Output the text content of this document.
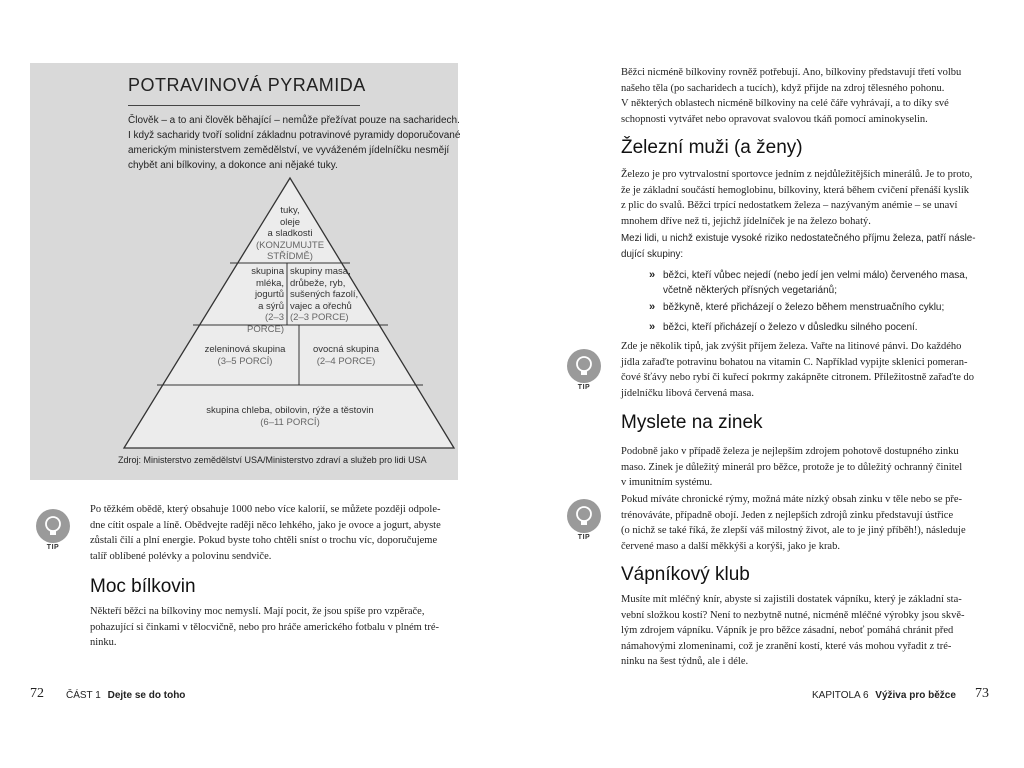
POTRAVINOVÁ PYRAMIDA
Člověk – a to ani člověk běhající – nemůže přežívat pouze na sacharidech.
I když sacharidy tvoří solidní základnu potravinové pyramidy doporučované
americkým ministerstvem zemědělství, ve vyváženém jídelníčku nesmějí
chybět ani bílkoviny, a dokonce ani nějaké tuky.
tuky,
oleje
a sladkosti
(KONZUMUJTE
STŘÍDMĚ)
skupina
mléka,
jogurtů
a sýrů
(2–3 PORCE)
skupiny masa,
drůbeže, ryb,
sušených fazolí,
vajec a ořechů
(2–3 PORCE)
zeleninová skupina
(3–5 PORCÍ)
ovocná skupina
(2–4 PORCE)
skupina chleba, obilovin, rýže a těstovin
(6–11 PORCÍ)
Zdroj: Ministerstvo zemědělství USA/Ministerstvo zdraví a služeb pro lidi USA
TIP
Po těžkém obědě, který obsahuje 1000 nebo více kalorií, se můžete později odpole-
dne cítit ospale a líně. Obědvejte raději něco lehkého, jako je ovoce a jogurt, abyste
zůstali čilí a plní energie. Pokud byste toho chtěli sníst o trochu víc, doporučujeme
talíř oblíbené polévky a polovinu sendviče.
Moc bílkovin
Někteří běžci na bílkoviny moc nemyslí. Mají pocit, že jsou spíše pro vzpěrače,
pohazující si činkami v tělocvičně, nebo pro hráče amerického fotbalu v plném tré-
ninku.
72 ČÁST 1 Dejte se do toho
Běžci nicméně bílkoviny rovněž potřebují. Ano, bílkoviny představují třetí volbu
našeho těla (po sacharidech a tucích), když přijde na zdroj tělesného pohonu.
V některých oblastech nicméně bílkoviny na celé čáře vyhrávají, a to díky své
schopnosti vytvářet nebo opravovat svalovou tkáň pomocí aminokyselin.
Železní muži (a ženy)
Železo je pro vytrvalostní sportovce jedním z nejdůležitějších minerálů. Je to proto,
že je základní součástí hemoglobinu, bílkoviny, která během cvičení přenáší kyslík
z plic do svalů. Běžci trpící nedostatkem železa – nazývaným anémie – se unaví
mnohem dříve než ti, jejichž jídelníček je na železo bohatý.
Mezi lidi, u nichž existuje vysoké riziko nedostatečného příjmu železa, patří násle-
dující skupiny:
» běžci, kteří vůbec nejedí (nebo jedí jen velmi málo) červeného masa,
včetně některých přísných vegetariánů;
» běžkyně, které přicházejí o železo během menstruačního cyklu;
» běžci, kteří přicházejí o železo v důsledku silného pocení.
TIP
Zde je několik tipů, jak zvýšit příjem železa. Vařte na litinové pánvi. Do každého
jídla zařaďte potravinu bohatou na vitamin C. Například vypijte sklenici pomeran-
čové šťávy nebo rybí či kuřecí pokrmy zakápněte citronem. Příležitostně zařaďte do
jídelníčku libová červená masa.
Myslete na zinek
Podobně jako v případě železa je nejlepším zdrojem pohotově dostupného zinku
maso. Zinek je důležitý minerál pro běžce, protože je to důležitý ochranný činitel
v imunitním systému.
TIP
Pokud míváte chronické rýmy, možná máte nízký obsah zinku v těle nebo se pře-
trénováváte, případně obojí. Jeden z nejlepších zdrojů zinku představují ústřice
(o nichž se také říká, že zlepší váš milostný život, ale to je jiný příběh!), následuje
červené maso a další měkkýši a korýši, jako je krab.
Vápníkový klub
Musíte mít mléčný knír, abyste si zajistili dostatek vápníku, který je základní sta-
vební složkou kostí? Není to nezbytně nutné, nicméně mléčné výrobky jsou skvě-
lým zdrojem vápníku. Vápník je pro běžce zásadní, neboť pomáhá chránit před
námahovými zlomeninami, což je zranění kostí, které vás mohou vyřadit z tré-
ninku na šest týdnů, ale i déle.
KAPITOLA 6 Výživa pro běžce 73
